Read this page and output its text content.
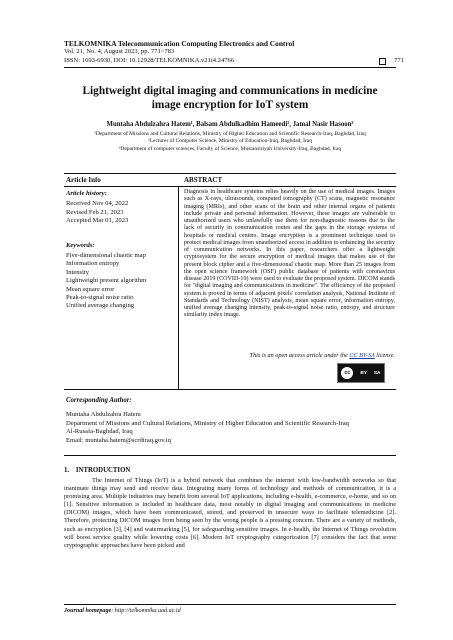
TELKOMNIKA Telecommunication Computing Electronics and Control
Vol. 21, No. 4, August 2023, pp. 771~783
ISSN: 1693-6930, DOI: 10.12928/TELKOMNIKA.v21i4.24766	771
Lightweight digital imaging and communications in medicine
image encryption for IoT system
Muntaha Abdulzahra Hatem¹, Balsam Abdulkadhim Hameedi², Jamal Nasir Hasoon³
¹Department of Missions and Cultural Relations, Ministry of Higher Education and Scientific Research-Iraq, Baghdad, Iraq
²Lecturer of Computer Science, Ministry of Education-Iraq, Baghdad, Iraq
³Department of computer sciences, Faculty of Science, Mustansiriyah University-Iraq, Baghdad, Iraq
Article Info	ABSTRACT
Article history:
Received Nov 04, 2022
Revised Feb 21, 2023
Accepted Mar 01, 2023
Keywords:
Five-dimensional chaotic map
Information entropy
Intensity
Lightweight present algorithm
Mean square error
Peak-to-signal noise ratio
Unified average changing
Diagnosis in healthcare systems relies heavily on the use of medical images. Images such as X-rays, ultrasounds, computed tomography (CT) scans, magnetic resonance imaging (MRIs), and other scans of the brain and other internal organs of patients include private and personal information. However, these images are vulnerable to unauthorized users who unlawfully use them for non-diagnostic reasons due to the lack of security in communication routes and the gaps in the storage systems of hospitals or medical centers. Image encryption is a prominent technique used to protect medical images from unauthorized access in addition to enhancing the security of communication networks. In this paper, researchers offer a lightweight cryptosystem for the secure encryption of medical images that makes use of the present block cipher and a five-dimensional chaotic map. More than 25 images from the open science framework (OSF) public database of patients with coronavirus disease 2019 (COVID-19) were used to evaluate the proposed system. DICOM stands for "digital imaging and communications in medicine". The efficiency of the proposed system is proved in terms of adjacent pixels' correlation analysis, National Institute of Standards and Technology (NIST) analysis, mean square error, information entropy, unified average changing intensity, peak-to-signal noise ratio, entropy, and structure similarity index image.
This is an open access article under the CC BY-SA license.
cc	BY SA
Corresponding Author:
Muntaha Abdulzahra Hatem
Department of Missions and Cultural Relations, Ministry of Higher Education and Scientific Research-Iraq
Al-Rusafa-Baghdad, Iraq
Email: muntaha.hatem@scrdiraq.gov.iq
1.    INTRODUCTION
The Internet of Things (IoT) is a hybrid network that combines the internet with low-bandwidth networks so that inanimate things may send and receive data. Integrating many forms of technology and methods of communication, it is a promising area. Multiple industries may benefit from several IoT applications, including e-health, e-commerce, e-home, and so on [1]. Sensitive information is included in healthcare data, most notably in digital imaging and communications in medicine (DICOM) images, which have been communicated, stored, and preserved in unsecure ways to facilitate telemedicine [2]. Therefore, protecting DICOM images from being seen by the wrong people is a pressing concern. There are a variety of methods, such as encryption [3], [4] and watermarking [5], for safeguarding sensitive images. In e-health, the Internet of Things revolution will boost service quality while lowering costs [6]. Modern IoT cryptography categorization [7] considers the fact that some cryptographic approaches have been picked and
Journal homepage: http://telkomnika.uad.ac.id
